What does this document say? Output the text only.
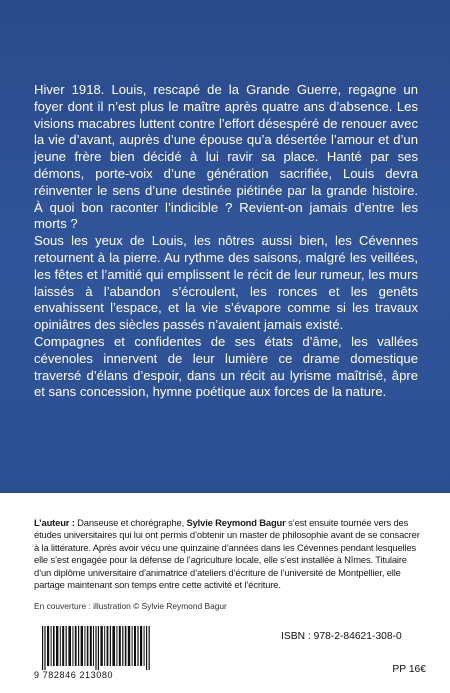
Hiver 1918. Louis, rescapé de la Grande Guerre, regagne un foyer dont il n’est plus le maître après quatre ans d’absence. Les visions macabres luttent contre l’effort désespéré de renouer avec la vie d’avant, auprès d’une épouse qu’a désertée l’amour et d’un jeune frère bien décidé à lui ravir sa place. Hanté par ses démons, porte-voix d’une génération sacrifiée, Louis devra réinventer le sens d’une destinée piétinée par la grande histoire. À quoi bon raconter l’indicible ? Revient-on jamais d’entre les morts ?

Sous les yeux de Louis, les nôtres aussi bien, les Cévennes retournent à la pierre. Au rythme des saisons, malgré les veillées, les fêtes et l’amitié qui emplissent le récit de leur rumeur, les murs laissés à l’abandon s’écroulent, les ronces et les genêts envahissent l’espace, et la vie s’évapore comme si les travaux opiniâtres des siècles passés n’avaient jamais existé.

Compagnes et confidentes de ses états d’âme, les vallées cévenoles innervent de leur lumière ce drame domestique traversé d’élans d’espoir, dans un récit au lyrisme maîtrisé, âpre et sans concession, hymne poétique aux forces de la nature.

L’auteur : Danseuse et chorégraphe, Sylvie Reymond Bagur s’est ensuite tournée vers des études universitaires qui lui ont permis d’obtenir un master de philosophie avant de se consacrer à la littérature. Après avoir vécu une quinzaine d’années dans les Cévennes pendant lesquelles elle s’est engagée pour la défense de l’agriculture locale, elle s’est installée à Nîmes. Titulaire d’un diplôme universitaire d’animatrice d’ateliers d’écriture de l’université de Montpellier, elle partage maintenant son temps entre cette activité et l’écriture.
En couverture : illustration © Sylvie Reymond Bagur
9 782846 213080
ISBN : 978-2-84621-308-0
PP 16€
